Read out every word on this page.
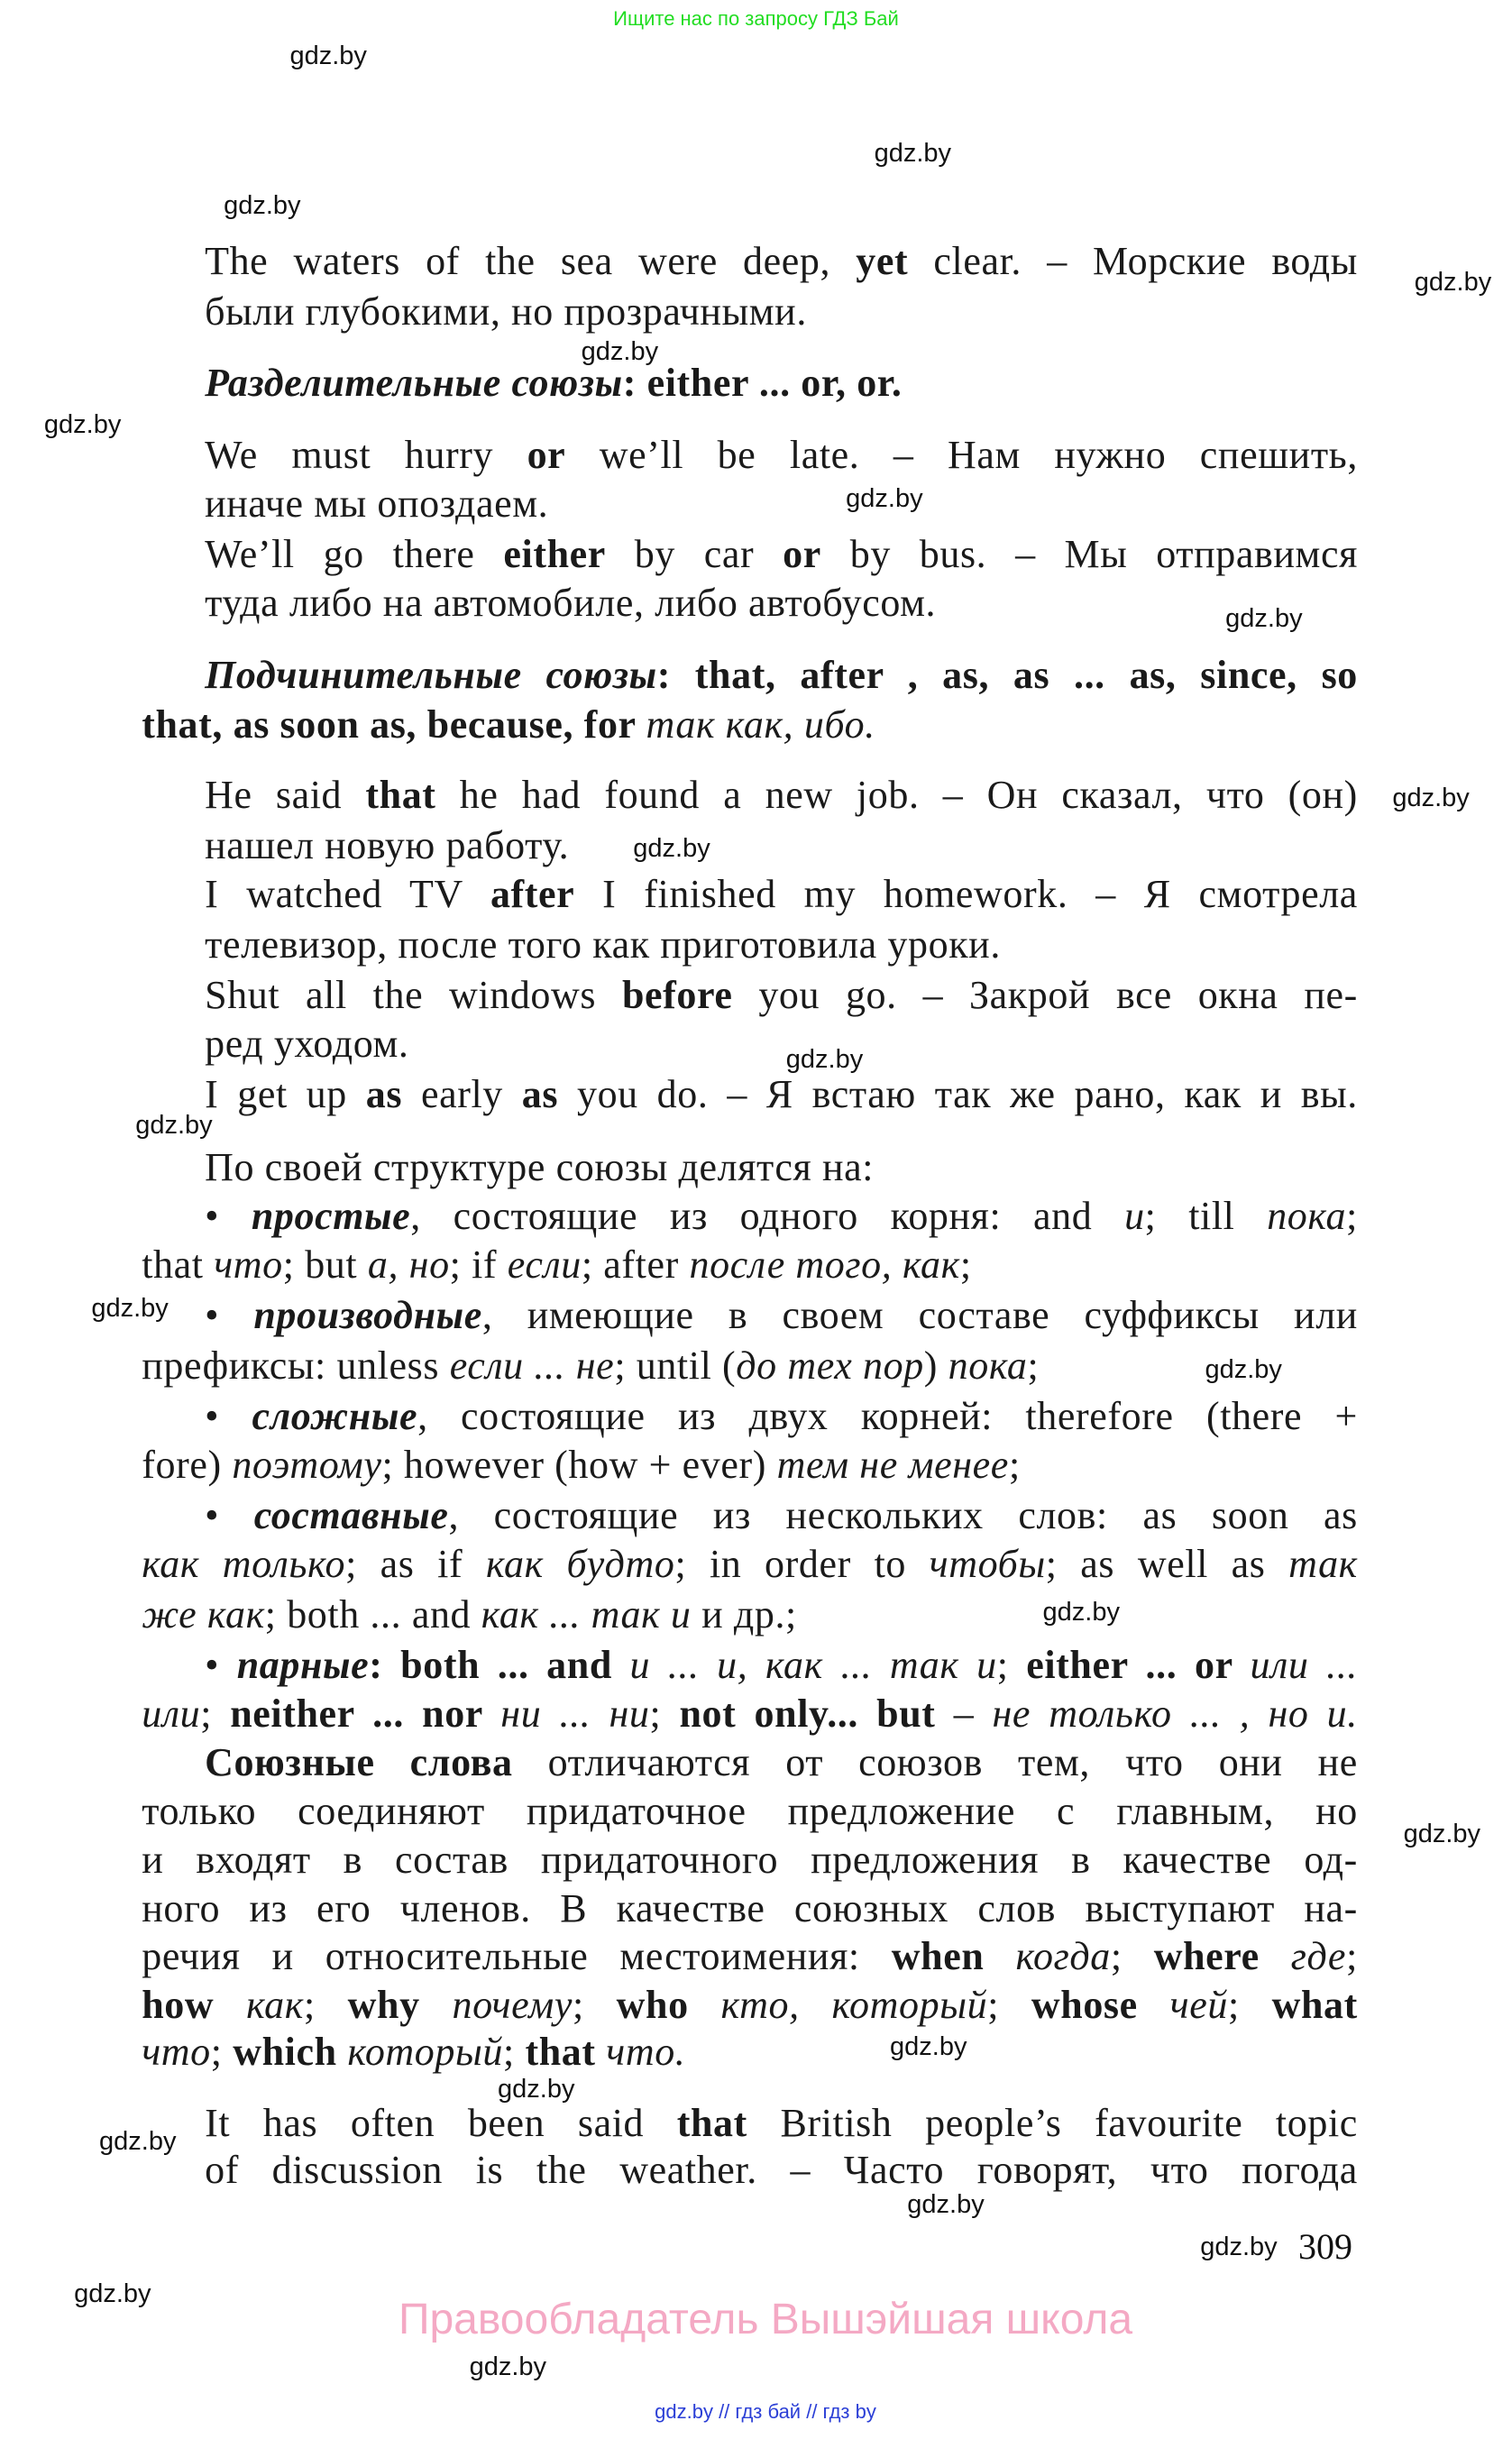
Ищите нас по запросу ГДЗ Бай
The waters of the sea were deep, yet clear. – Морские воды
были глубокими, но прозрачными.
Разделительные союзы: either ... or, or.
We must hurry or we’ll be late. – Нам нужно спешить,
иначе мы опоздаем.
We’ll go there either by car or by bus. – Мы отправимся
туда либо на автомобиле, либо автобусом.
Подчинительные союзы: that, after , as, as ... as, since, so
that, as soon as, because, for так как, ибо.
He said that he had found a new job. – Он сказал, что (он)
нашел новую работу.
I watched TV after I finished my homework. – Я смотрела
телевизор, после того как приготовила уроки.
Shut all the windows before you go. – Закрой все окна пе-
ред уходом.
I get up as early as you do. – Я встаю так же рано, как и вы.
По своей структуре союзы делятся на:
• простые, состоящие из одного корня: and и; till пока;
that что; but а, но; if если; after после того, как;
• производные, имеющие в своем составе суффиксы или
префиксы: unless если ... не; until (до тех пор) пока;
• сложные, состоящие из двух корней: therefore (there +
fore) поэтому; however (how + ever) тем не менее;
• составные, состоящие из нескольких слов: as soon as
как только; as if как будто; in order to чтобы; as well as так
же как; both ... and как ... так и и др.;
• парные: both ... and и ... и, как ... так и; either ... or или ...
или; neither ... nor ни ... ни; not only... but – не только ... , но и.
Союзные слова отличаются от союзов тем, что они не
только соединяют придаточное предложение с главным, но
и входят в состав придаточного предложения в качестве од-
ного из его членов. В качестве союзных слов выступают на-
речия и относительные местоимения: when когда; where где;
how как; why почему; who кто, который; whose чей; what
что; which который; that что.
It has often been said that British people’s favourite topic
of discussion is the weather. – Часто говорят, что погода
gdz.by
gdz.by
gdz.by
gdz.by
gdz.by
gdz.by
gdz.by
gdz.by
gdz.by
gdz.by
gdz.by
gdz.by
gdz.by
gdz.by
gdz.by
gdz.by
gdz.by
gdz.by
gdz.by
gdz.by
gdz.by
gdz.by
gdz.by
309
Правообладатель Вышэйшая школа
gdz.by // гдз бай // гдз by
